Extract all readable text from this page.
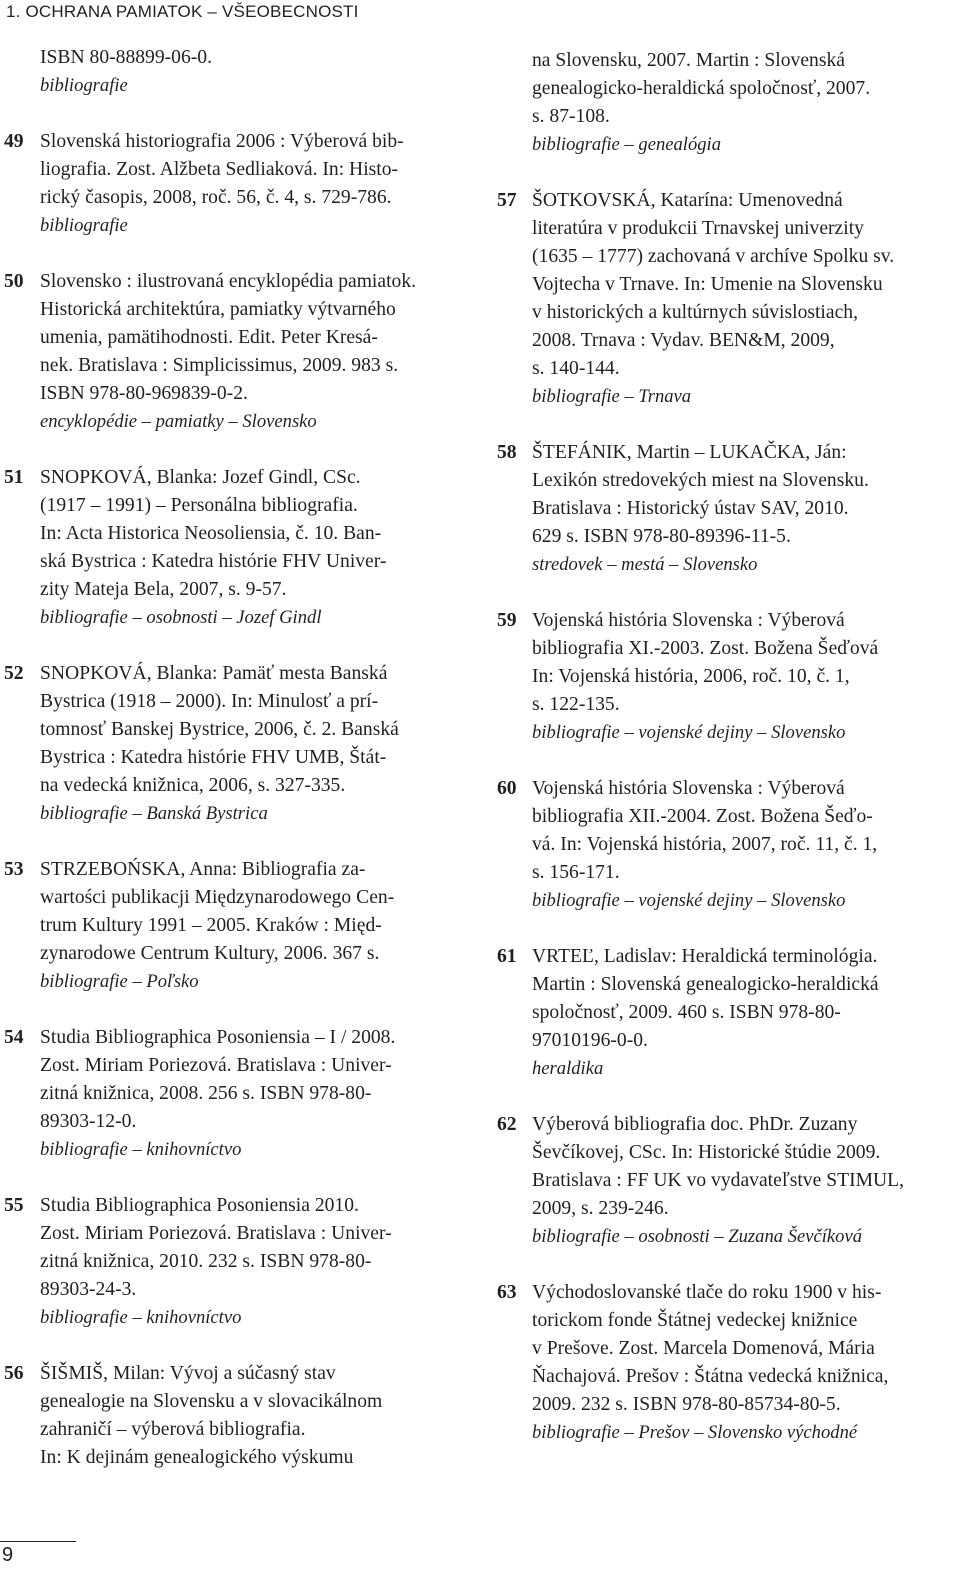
1. OCHRANA PAMIATOK – VŠEOBECNOSTI
ISBN 80-88899-06-0.
bibliografie
49 Slovenská historiografia 2006 : Výberová bib-
liografia. Zost. Alžbeta Sedliaková. In: Histo-
rický časopis, 2008, roč. 56, č. 4, s. 729-786.
bibliografie
50 Slovensko : ilustrovaná encyklopédia pamiatok.
Historická architektúra, pamiatky výtvarného
umenia, pamätihodnosti. Edit. Peter Kresá-
nek. Bratislava : Simplicissimus, 2009. 983 s.
ISBN 978-80-969839-0-2.
encyklopédie – pamiatky – Slovensko
51 SNOPKOVÁ, Blanka: Jozef Gindl, CSc.
(1917 – 1991) – Personálna bibliografia.
In: Acta Historica Neosoliensia, č. 10. Ban-
ská Bystrica : Katedra histórie FHV Univer-
zity Mateja Bela, 2007, s. 9-57.
bibliografie – osobnosti – Jozef Gindl
52 SNOPKOVÁ, Blanka: Pamäť mesta Banská
Bystrica (1918 – 2000). In: Minulosť a prí-
tomnosť Banskej Bystrice, 2006, č. 2. Banská
Bystrica : Katedra histórie FHV UMB, Štát-
na vedecká knižnica, 2006, s. 327-335.
bibliografie – Banská Bystrica
53 STRZEBOŃSKA, Anna: Bibliografia za-
wartości publikacji Międzynarodowego Cen-
trum Kultury 1991 – 2005. Kraków : Międ-
zynarodowe Centrum Kultury, 2006. 367 s.
bibliografie – Poľsko
54 Studia Bibliographica Posoniensia – I / 2008.
Zost. Miriam Poriezová. Bratislava : Univer-
zitná knižnica, 2008. 256 s. ISBN 978-80-
89303-12-0.
bibliografie – knihovníctvo
55 Studia Bibliographica Posoniensia 2010.
Zost. Miriam Poriezová. Bratislava : Univer-
zitná knižnica, 2010. 232 s. ISBN 978-80-
89303-24-3.
bibliografie – knihovníctvo
56 ŠIŠMIŠ, Milan: Vývoj a súčasný stav
genealogie na Slovensku a v slovacikálnom
zahraničí – výberová bibliografia.
In: K dejinám genealogického výskumu
na Slovensku, 2007. Martin : Slovenská
genealogicko-heraldická spoločnosť, 2007.
s. 87-108.
bibliografie – genealógia
57 ŠOTKOVSKÁ, Katarína: Umenovedná
literatúra v produkcii Trnavskej univerzity
(1635 – 1777) zachovaná v archíve Spolku sv.
Vojtecha v Trnave. In: Umenie na Slovensku
v historických a kultúrnych súvislostiach,
2008. Trnava : Vydav. BEN&M, 2009,
s. 140-144.
bibliografie – Trnava
58 ŠTEFÁNIK, Martin – LUKAČKA, Ján:
Lexikón stredovekých miest na Slovensku.
Bratislava : Historický ústav SAV, 2010.
629 s. ISBN 978-80-89396-11-5.
stredovek – mestá – Slovensko
59 Vojenská história Slovenska : Výberová
bibliografia XI.-2003. Zost. Božena Šeďová
In: Vojenská história, 2006, roč. 10, č. 1,
s. 122-135.
bibliografie – vojenské dejiny – Slovensko
60 Vojenská história Slovenska : Výberová
bibliografia XII.-2004. Zost. Božena Šeďo-
vá. In: Vojenská história, 2007, roč. 11, č. 1,
s. 156-171.
bibliografie – vojenské dejiny – Slovensko
61 VRTEĽ, Ladislav: Heraldická terminológia.
Martin : Slovenská genealogicko-heraldická
spoločnosť, 2009. 460 s. ISBN 978-80-
97010196-0-0.
heraldika
62 Výberová bibliografia doc. PhDr. Zuzany
Ševčíkovej, CSc. In: Historické štúdie 2009.
Bratislava : FF UK vo vydavateľstve STIMUL,
2009, s. 239-246.
bibliografie – osobnosti – Zuzana Ševčíková
63 Východoslovanské tlače do roku 1900 v his-
torickom fonde Štátnej vedeckej knižnice
v Prešove. Zost. Marcela Domenová, Mária
Ňachajová. Prešov : Štátna vedecká knižnica,
2009. 232 s. ISBN 978-80-85734-80-5.
bibliografie – Prešov – Slovensko východné
9
